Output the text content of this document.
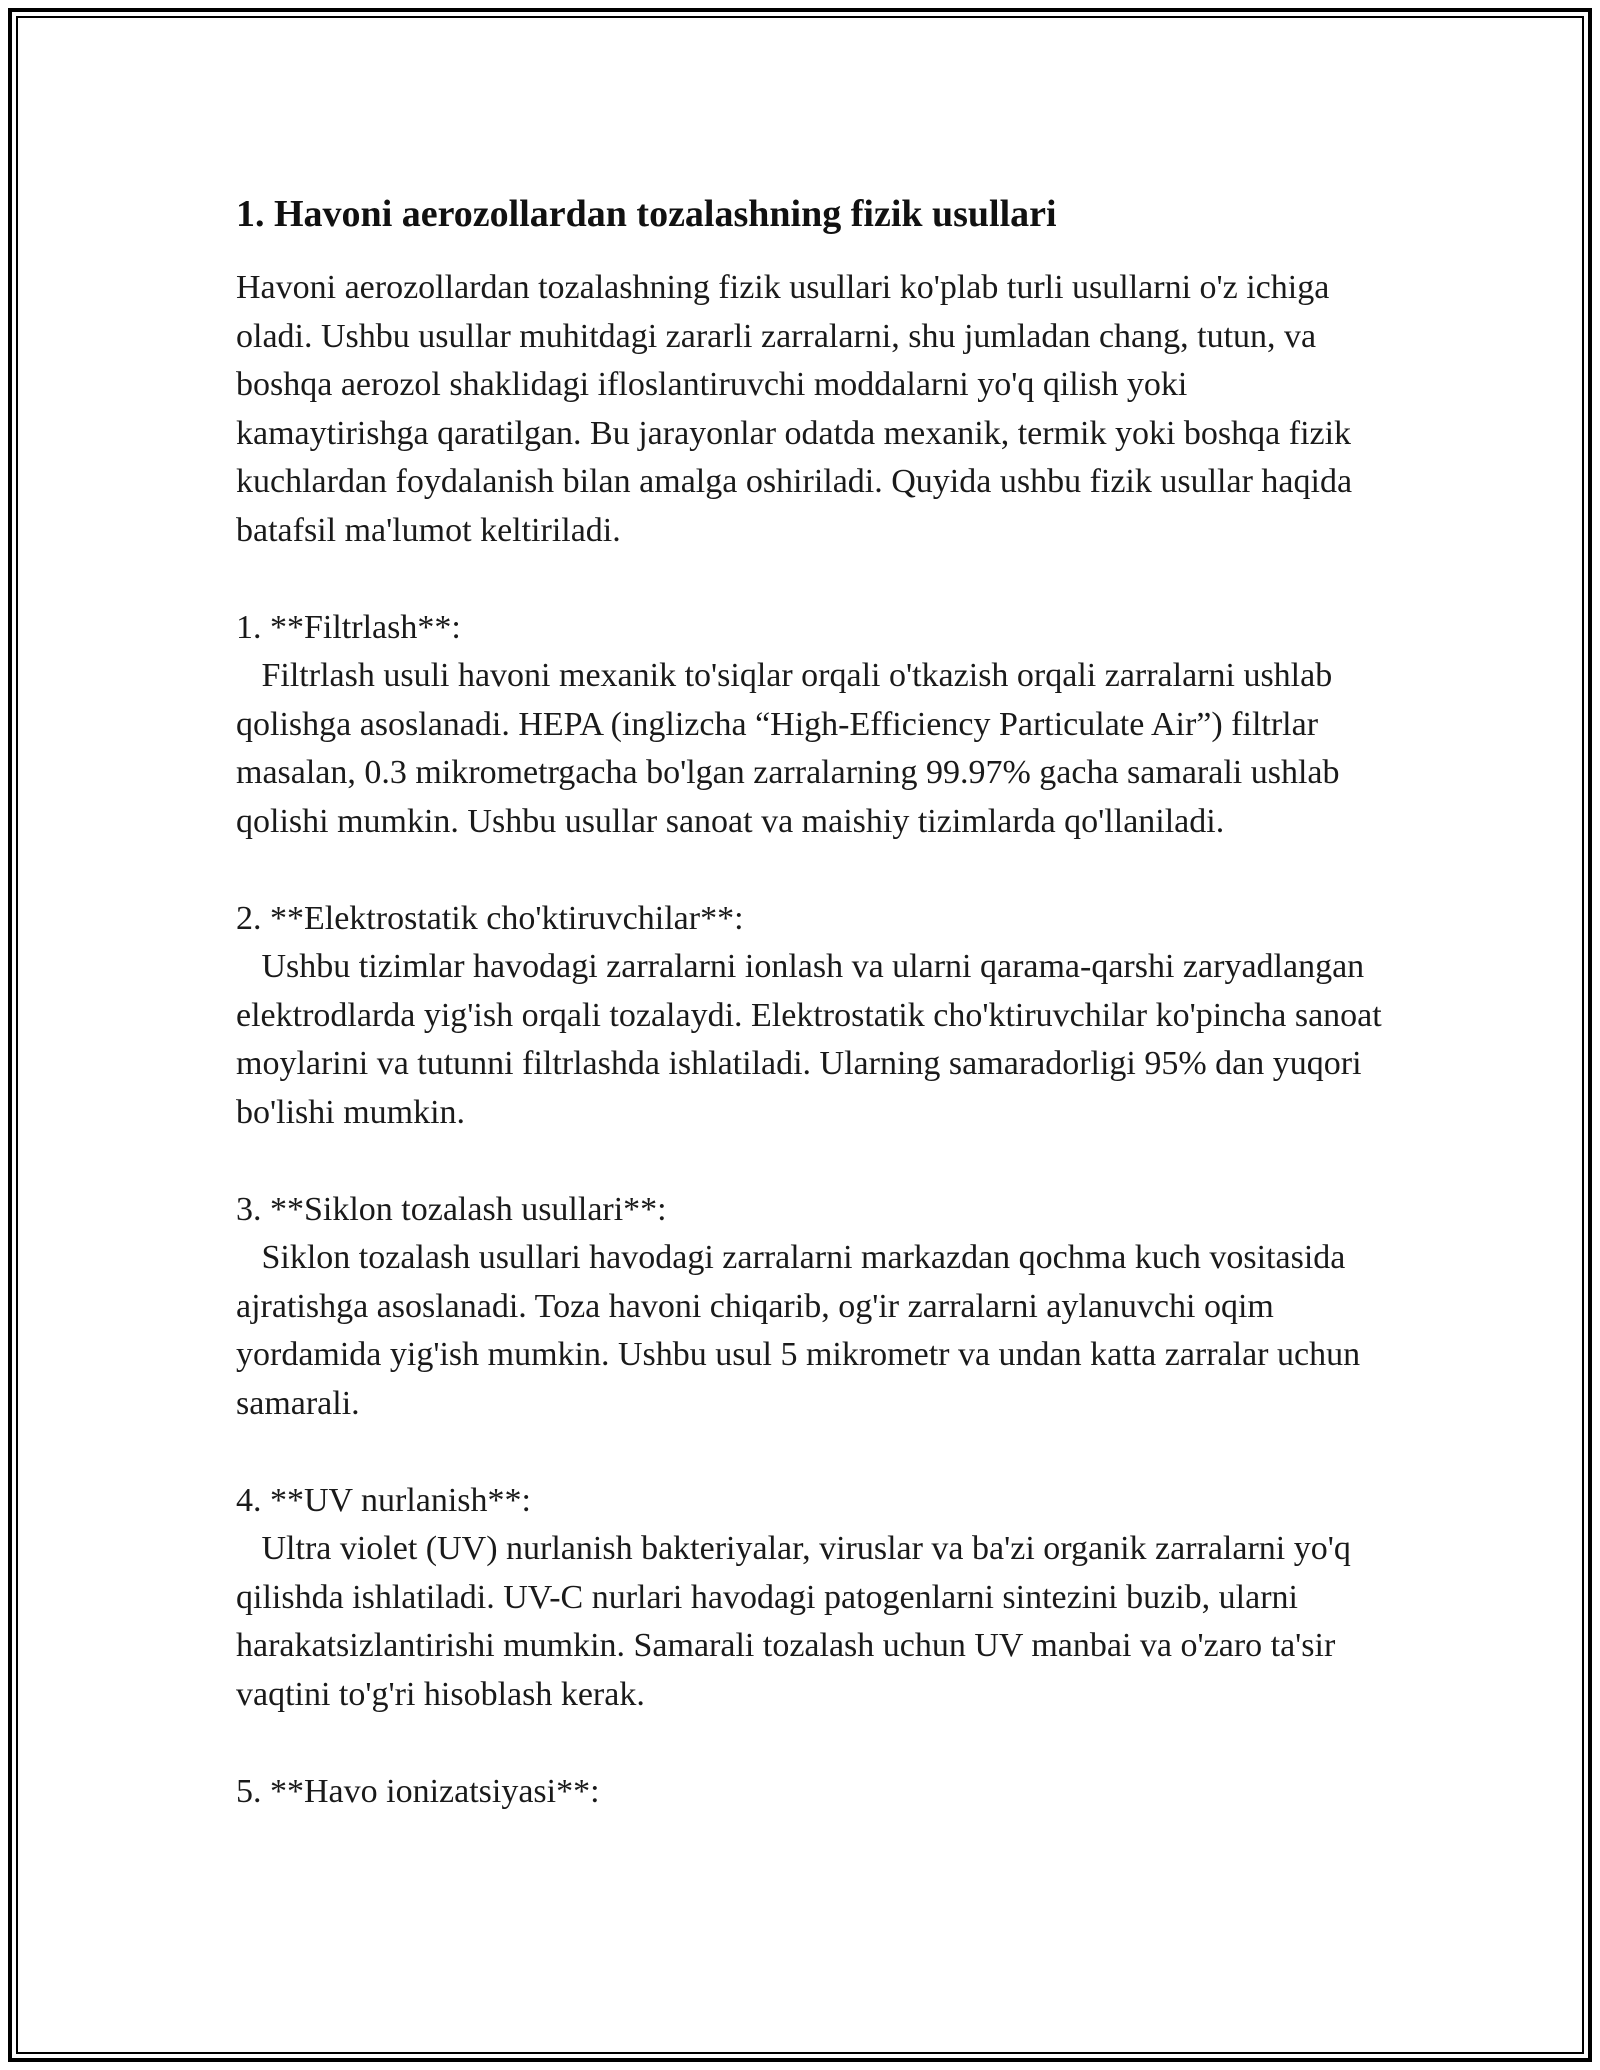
1. Havoni aerozollardan tozalashning fizik usullari

Havoni aerozollardan tozalashning fizik usullari ko'plab turli usullarni o'z ichiga oladi. Ushbu usullar muhitdagi zararli zarralarni, shu jumladan chang, tutun, va boshqa aerozol shaklidagi ifloslantiruvchi moddalarni yo'q qilish yoki kamaytirishga qaratilgan. Bu jarayonlar odatda mexanik, termik yoki boshqa fizik kuchlardan foydalanish bilan amalga oshiriladi. Quyida ushbu fizik usullar haqida batafsil ma'lumot keltiriladi.

1. **Filtrlash**:

Filtrlash usuli havoni mexanik to'siqlar orqali o'tkazish orqali zarralarni ushlab qolishga asoslanadi. HEPA (inglizcha “High-Efficiency Particulate Air”) filtrlar masalan, 0.3 mikrometrgacha bo'lgan zarralarning 99.97% gacha samarali ushlab qolishi mumkin. Ushbu usullar sanoat va maishiy tizimlarda qo'llaniladi.

2. **Elektrostatik cho'ktiruvchilar**:

Ushbu tizimlar havodagi zarralarni ionlash va ularni qarama-qarshi zaryadlangan elektrodlarda yig'ish orqali tozalaydi. Elektrostatik cho'ktiruvchilar ko'pincha sanoat moylarini va tutunni filtrlashda ishlatiladi. Ularning samaradorligi 95% dan yuqori bo'lishi mumkin.

3. **Siklon tozalash usullari**:

Siklon tozalash usullari havodagi zarralarni markazdan qochma kuch vositasida ajratishga asoslanadi. Toza havoni chiqarib, og'ir zarralarni aylanuvchi oqim yordamida yig'ish mumkin. Ushbu usul 5 mikrometr va undan katta zarralar uchun samarali.

4. **UV nurlanish**:

Ultra violet (UV) nurlanish bakteriyalar, viruslar va ba'zi organik zarralarni yo'q qilishda ishlatiladi. UV-C nurlari havodagi patogenlarni sintezini buzib, ularni harakatsizlantirishi mumkin. Samarali tozalash uchun UV manbai va o'zaro ta'sir vaqtini to'g'ri hisoblash kerak.

5. **Havo ionizatsiyasi**:
